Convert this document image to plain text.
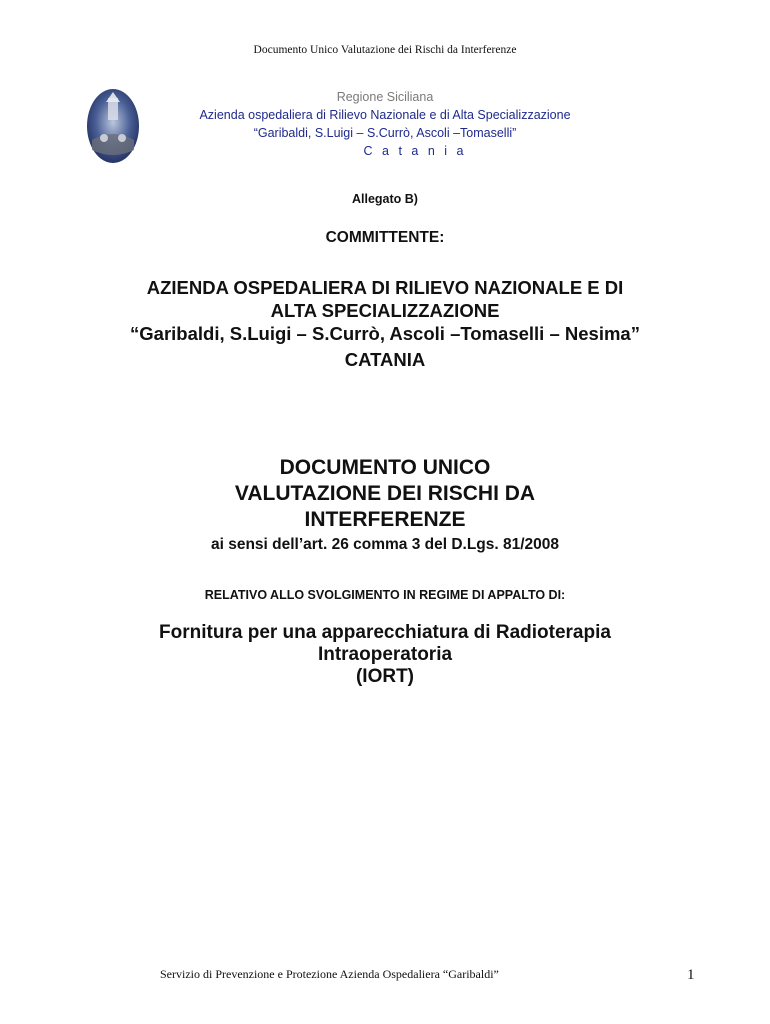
Documento Unico Valutazione dei Rischi da Interferenze
Regione Siciliana
Azienda ospedaliera di Rilievo Nazionale e di Alta Specializzazione
“Garibaldi, S.Luigi – S.Currò, Ascoli –Tomaselli”
C a t a n i a
Allegato B)
COMMITTENTE:
AZIENDA OSPEDALIERA DI RILIEVO NAZIONALE E DI
ALTA SPECIALIZZAZIONE
“Garibaldi, S.Luigi – S.Currò, Ascoli –Tomaselli – Nesima”
CATANIA
DOCUMENTO UNICO
VALUTAZIONE DEI RISCHI DA
INTERFERENZE
ai sensi dell’art. 26 comma 3 del D.Lgs. 81/2008
RELATIVO ALLO SVOLGIMENTO IN REGIME DI APPALTO DI:
Fornitura per una apparecchiatura di Radioterapia
Intraoperatoria
(IORT)
Servizio di Prevenzione e Protezione Azienda Ospedaliera “Garibaldi”	1
